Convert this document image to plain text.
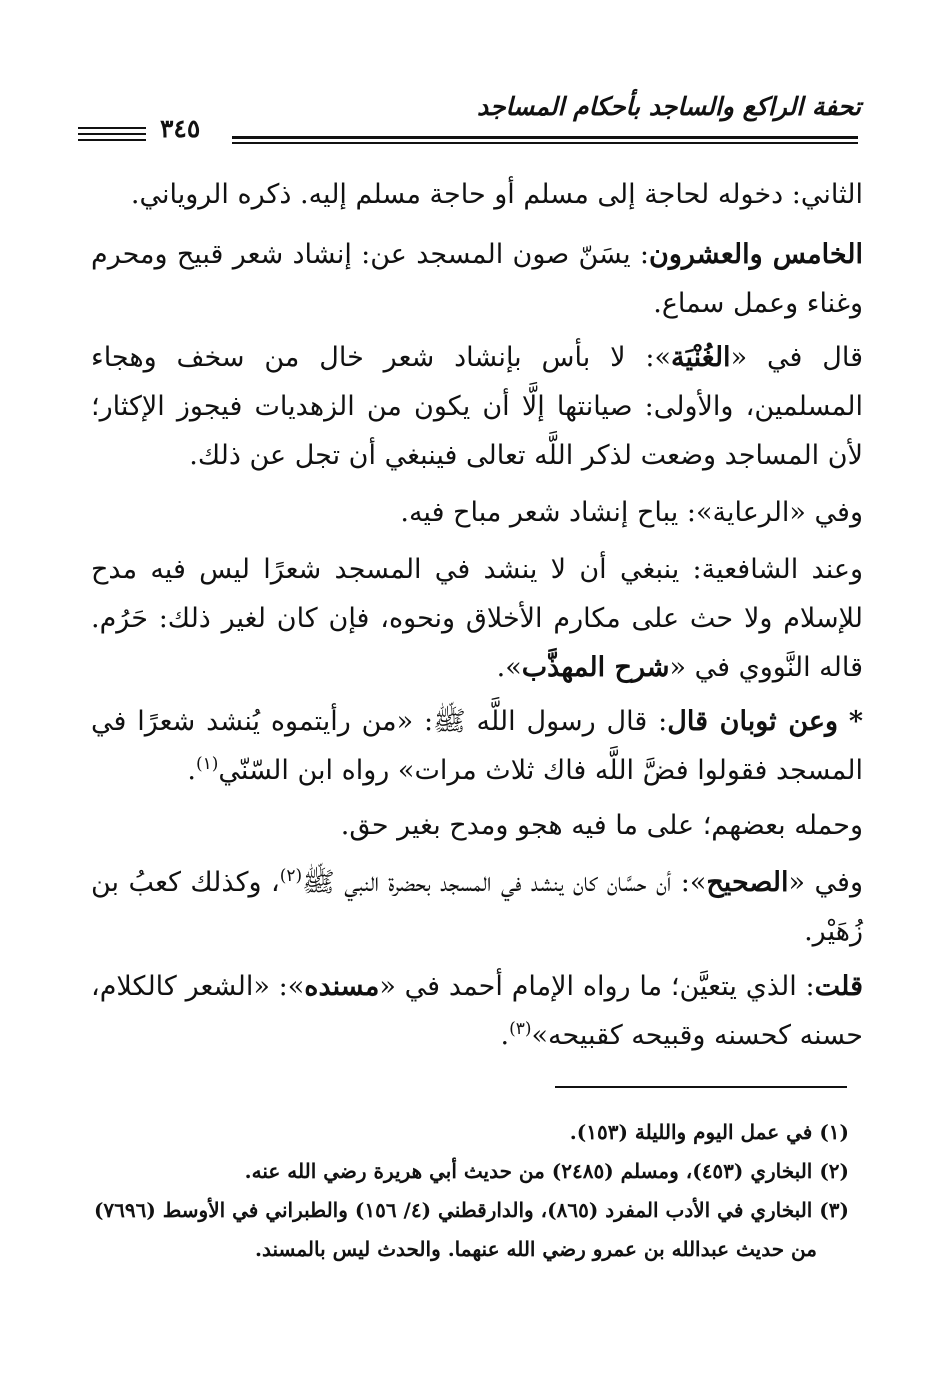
تحفة الراكع والساجد بأحكام المساجد
٣٤٥
الثاني: دخوله لحاجة إلى مسلم أو حاجة مسلم إليه. ذكره الروياني.
الخامس والعشرون: يسَنّ صون المسجد عن: إنشاد شعر قبيح ومحرم وغناء وعمل سماع.
قال في «الغُنْيَة»: لا بأس بإنشاد شعر خال من سخف وهجاء المسلمين، والأولى: صيانتها إلَّا أن يكون من الزهديات فيجوز الإكثار؛ لأن المساجد وضعت لذكر اللَّه تعالى فينبغي أن تجل عن ذلك.
وفي «الرعاية»: يباح إنشاد شعر مباح فيه.
وعند الشافعية: ينبغي أن لا ينشد في المسجد شعرًا ليس فيه مدح للإسلام ولا حث على مكارم الأخلاق ونحوه، فإن كان لغير ذلك: حَرُم. قاله النَّووي في «شرح المهذَّب».
* وعن ثوبان قال: قال رسول اللَّه ﷺ: «من رأيتموه يُنشد شعرًا في المسجد فقولوا فضَّ اللَّه فاك ثلاث مرات» رواه ابن السّنّي$^{(١)}$.
وحمله بعضهم؛ على ما فيه هجو ومدح بغير حق.
وفي «الصحيح»: أن حسَّان كان ينشد في المسجد بحضرة النبي ﷺ$^{(٢)}$، وكذلك كعبُ بن زُهَيْر.
قلت: الذي يتعيَّن؛ ما رواه الإمام أحمد في «مسنده»: «الشعر كالكلام، حسنه كحسنه وقبيحه كقبيحه»$^{(٣)}$.
(١) في عمل اليوم والليلة (١٥٣).
(٢) البخاري (٤٥٣)، ومسلم (٢٤٨٥) من حديث أبي هريرة رضي الله عنه.
(٣) البخاري في الأدب المفرد (٨٦٥)، والدارقطني (٤/ ١٥٦) والطبراني في الأوسط (٧٦٩٦)
من حديث عبدالله بن عمرو رضي الله عنهما. والحدث ليس بالمسند.
